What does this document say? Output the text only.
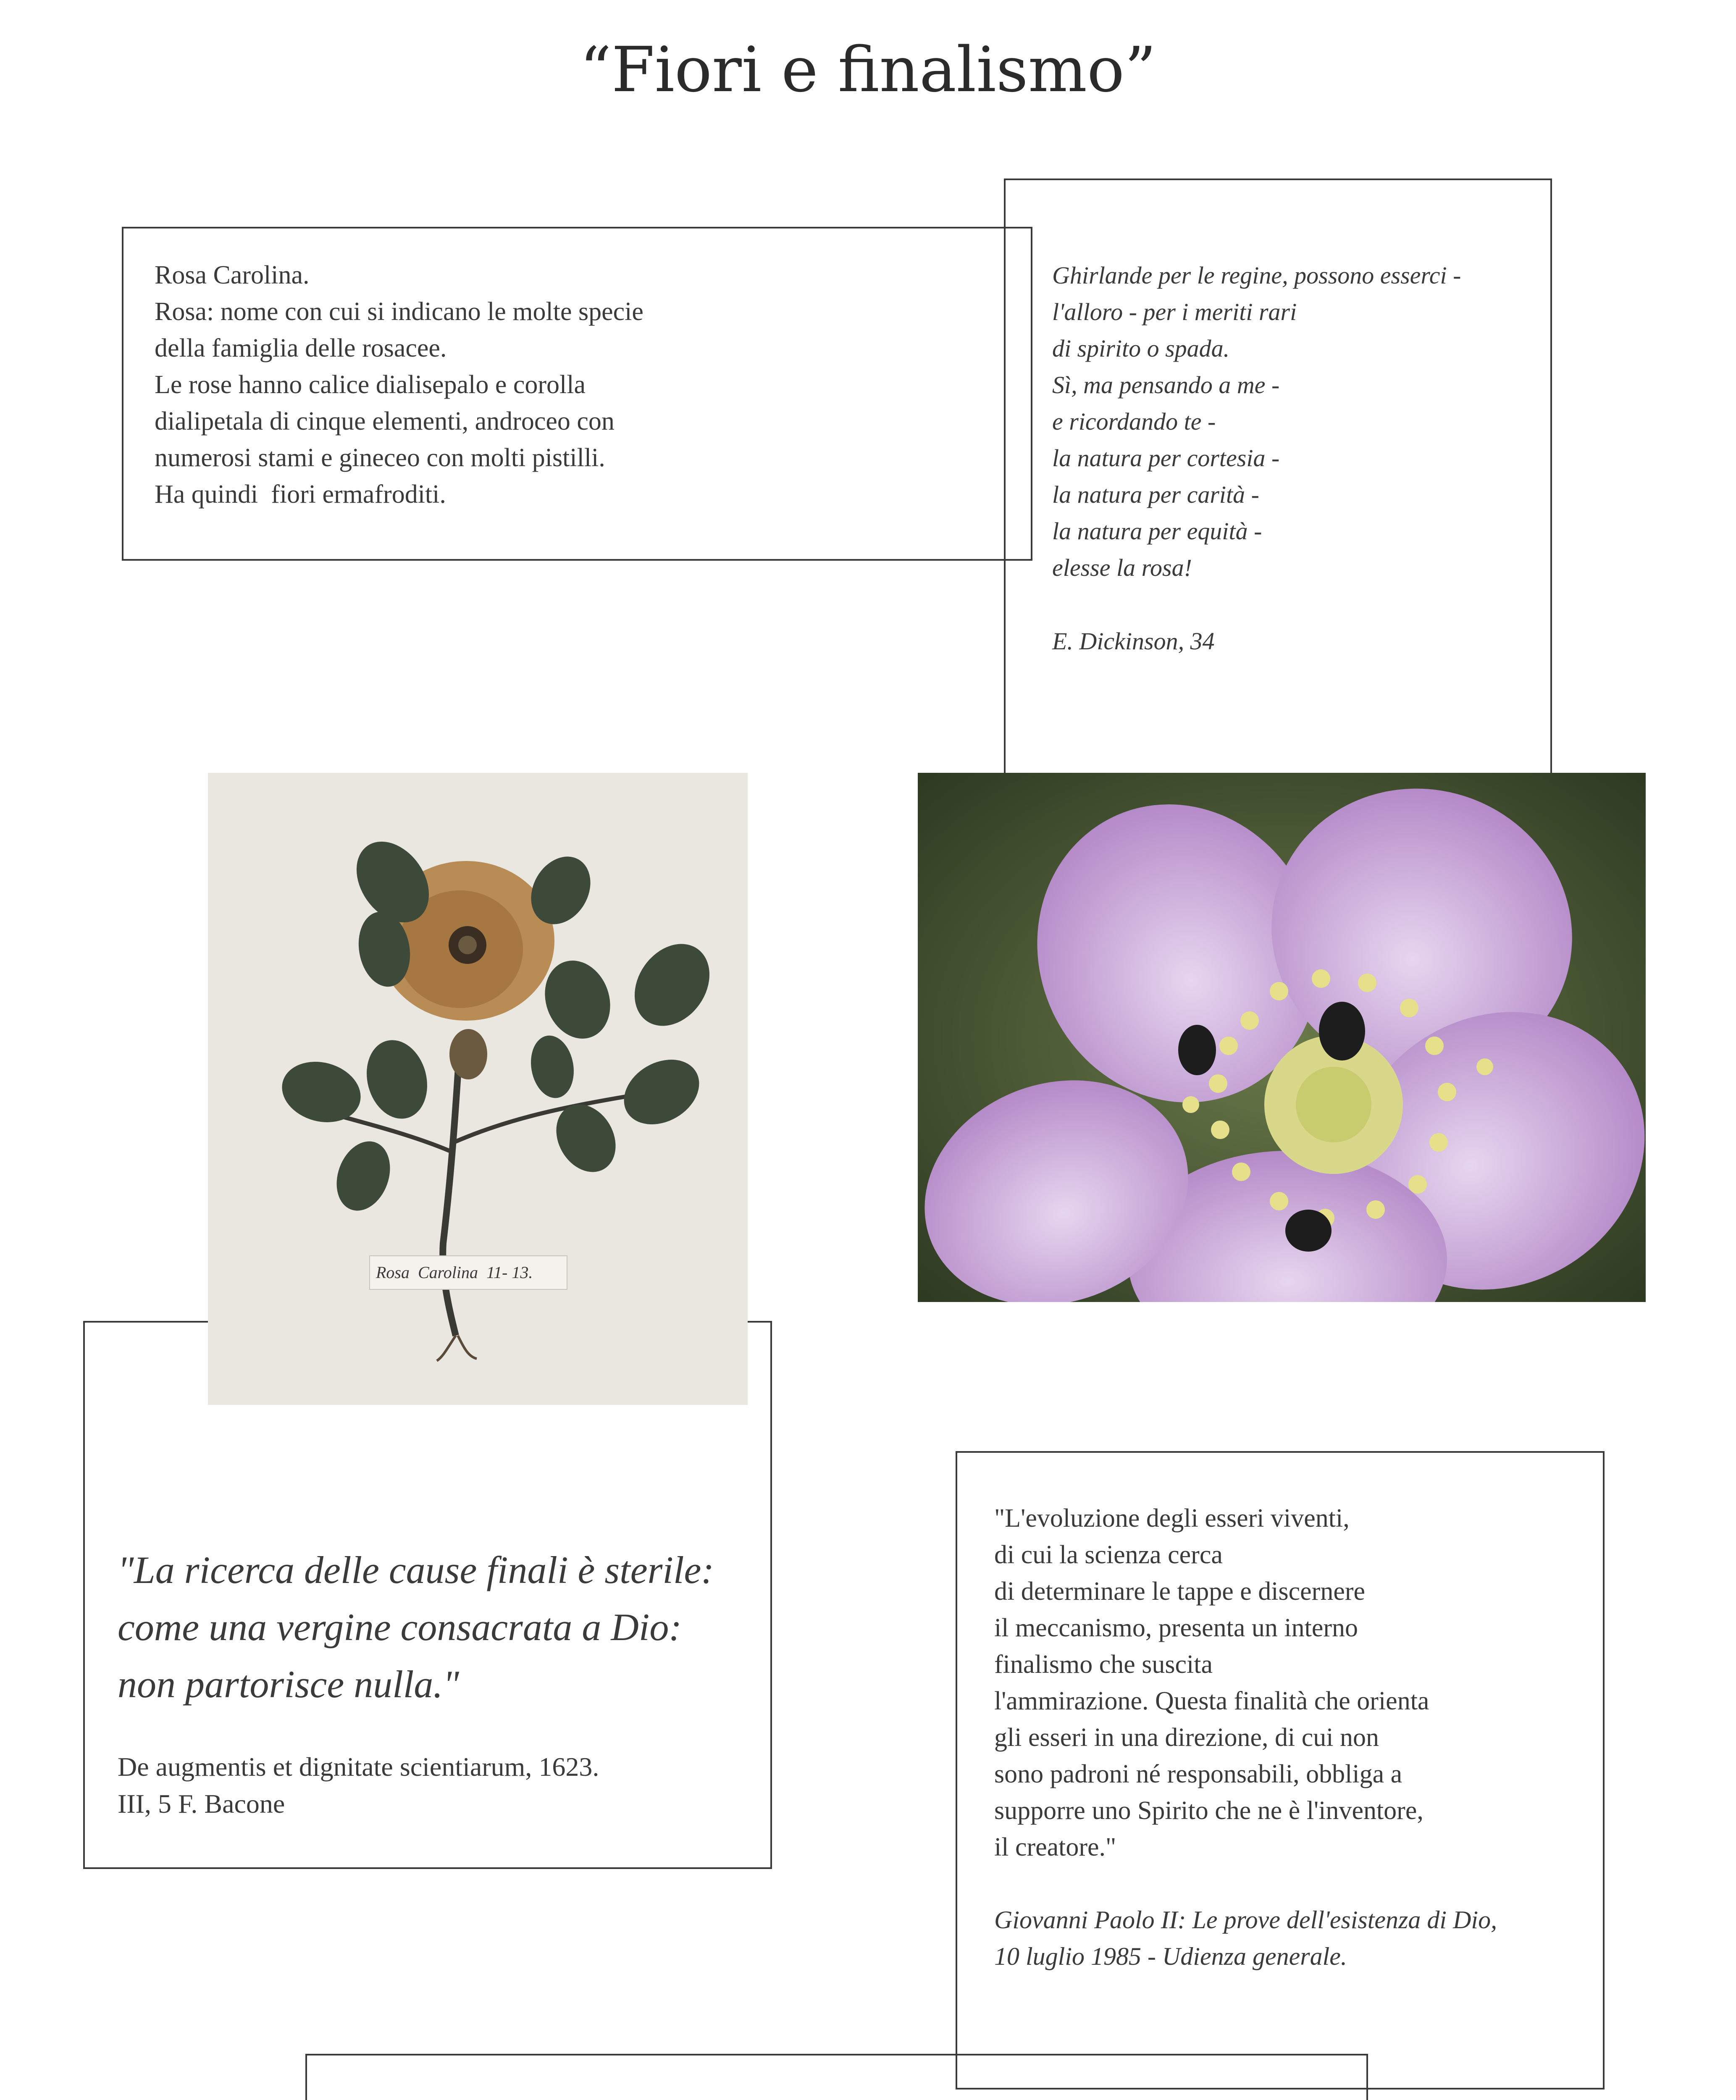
“Fiori e finalismo”
Rosa Carolina.
Rosa: nome con cui si indicano le molte specie
della famiglia delle rosacee.
Le rose hanno calice dialisepalo e corolla
dialipetala di cinque elementi, androceo con
numerosi stami e gineceo con molti pistilli.
Ha quindi  fiori ermafroditi.
Ghirlande per le regine, possono esserci -
l'alloro - per i meriti rari
di spirito o spada.
Sì, ma pensando a me -
e ricordando te -
la natura per cortesia -
la natura per carità -
la natura per equità -
elesse la rosa!
E. Dickinson, 34
"La ricerca delle cause finali è sterile:
come una vergine consacrata a Dio:
non partorisce nulla."
De augmentis et dignitate scientiarum, 1623.
III, 5 F. Bacone
Rosa  Carolina  11- 13.
"L'evoluzione degli esseri viventi,
di cui la scienza cerca
di determinare le tappe e discernere
il meccanismo, presenta un interno
finalismo che suscita
l'ammirazione. Questa finalità che orienta
gli esseri in una direzione, di cui non
sono padroni né responsabili, obbliga a
supporre uno Spirito che ne è l'inventore,
il creatore."
Giovanni Paolo II: Le prove dell'esistenza di Dio,
10 luglio 1985 - Udienza generale.
